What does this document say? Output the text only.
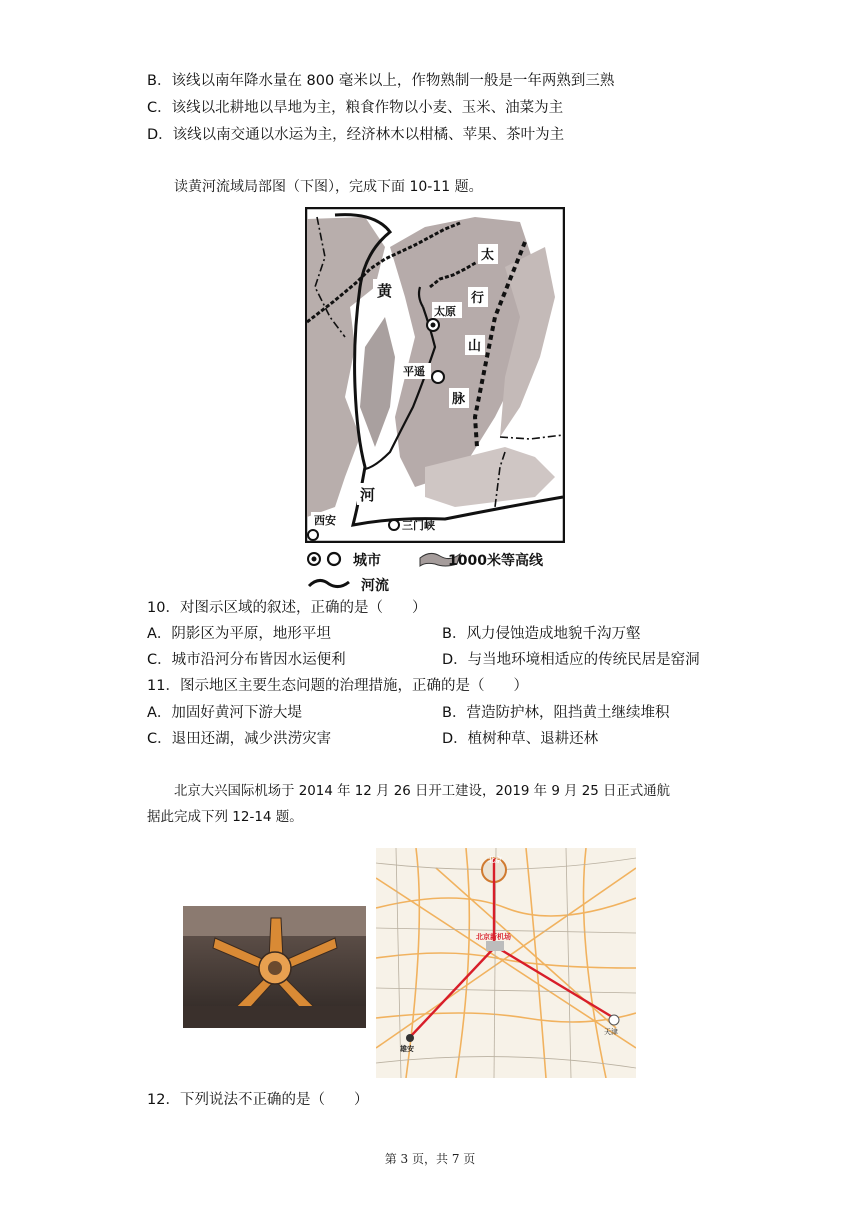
B．该线以南年降水量在 800 毫米以上，作物熟制一般是一年两熟到三熟
C．该线以北耕地以旱地为主，粮食作物以小麦、玉米、油菜为主
D．该线以南交通以水运为主，经济林木以柑橘、苹果、茶叶为主
读黄河流域局部图（下图），完成下面 10-11 题。
黄
河
太
行
山
脉
太原
平遥
西安	三门峡
城市	1000米等高线
河流
10．对图示区域的叙述，正确的是（　　）
A．阴影区为平原，地形平坦	B．风力侵蚀造成地貌千沟万壑
C．城市沿河分布皆因水运便利	D．与当地环境相适应的传统民居是窑洞
11．图示地区主要生态问题的治理措施，正确的是（　　）
A．加固好黄河下游大堤	B．营造防护林，阻挡黄土继续堆积
C．退田还湖，减少洪涝灾害	D．植树种草、退耕还林
北京大兴国际机场于 2014 年 12 月 26 日开工建设，2019 年 9 月 25 日正式通航
据此完成下列 12-14 题。
北京
北京新机场
雄安
天津
12．下列说法不正确的是（　　）
第 3 页，共 7 页
